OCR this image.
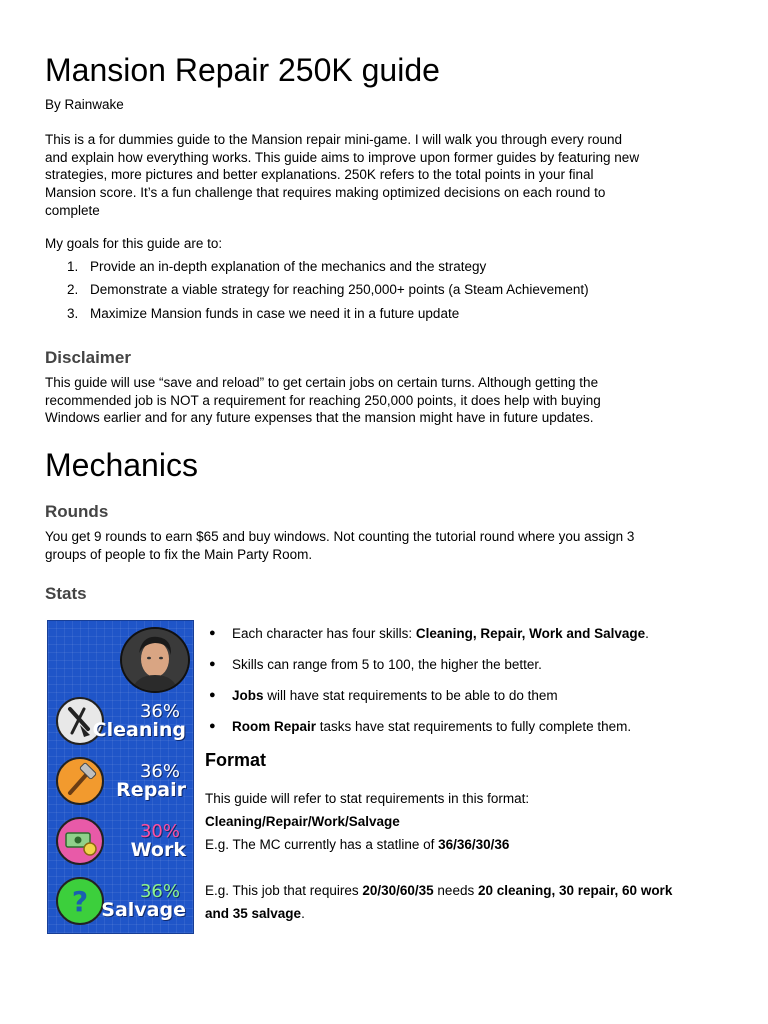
Mansion Repair 250K guide
By Rainwake
This is a for dummies guide to the Mansion repair mini-game. I will walk you through every round and explain how everything works. This guide aims to improve upon former guides by featuring new strategies, more pictures and better explanations. 250K refers to the total points in your final Mansion score. It’s a fun challenge that requires making optimized decisions on each round to complete
My goals for this guide are to:
1. Provide an in-depth explanation of the mechanics and the strategy
2. Demonstrate a viable strategy for reaching 250,000+ points (a Steam Achievement)
3. Maximize Mansion funds in case we need it in a future update
Disclaimer
This guide will use “save and reload” to get certain jobs on certain turns. Although getting the recommended job is NOT a requirement for reaching 250,000 points, it does help with buying Windows earlier and for any future expenses that the mansion might have in future updates.
Mechanics
Rounds
You get 9 rounds to earn $65 and buy windows. Not counting the tutorial round where you assign 3 groups of people to fix the Main Party Room.
Stats
36%
Cleaning
36%
Repair
30%
Work
?	36%
Salvage
● Each character has four skills: Cleaning, Repair, Work and Salvage.
● Skills can range from 5 to 100, the higher the better.
● Jobs will have stat requirements to be able to do them
● Room Repair tasks have stat requirements to fully complete them.
Format
This guide will refer to stat requirements in this format:
Cleaning/Repair/Work/Salvage
E.g. The MC currently has a statline of 36/36/30/36
E.g. This job that requires 20/30/60/35 needs 20 cleaning, 30 repair, 60 work
and 35 salvage.
